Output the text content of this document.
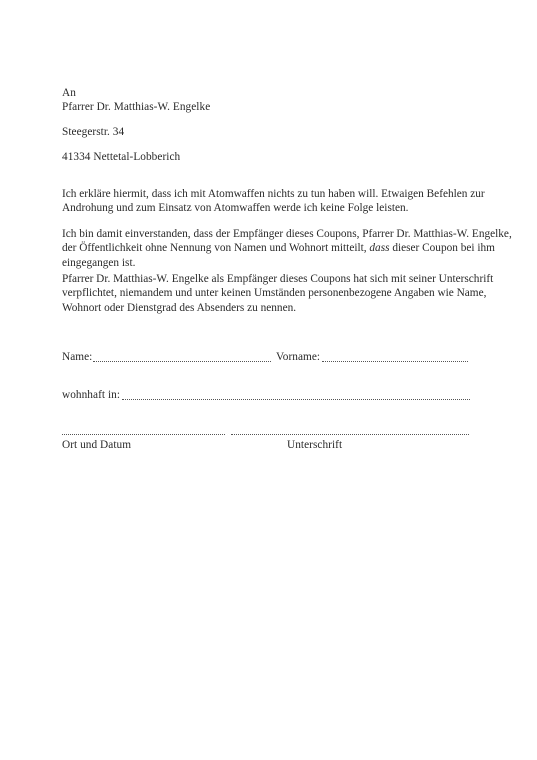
An
Pfarrer Dr. Matthias-W. Engelke
Steegerstr. 34
41334 Nettetal-Lobberich
Ich erkläre hiermit, dass ich mit Atomwaffen nichts zu tun haben will. Etwaigen Befehlen zur
Androhung und zum Einsatz von Atomwaffen werde ich keine Folge leisten.
Ich bin damit einverstanden, dass der Empfänger dieses Coupons, Pfarrer Dr. Matthias-W. Engelke,
der Öffentlichkeit ohne Nennung von Namen und Wohnort mitteilt, dass dieser Coupon bei ihm
eingegangen ist.
Pfarrer Dr. Matthias-W. Engelke als Empfänger dieses Coupons hat sich mit seiner Unterschrift
verpflichtet, niemandem und unter keinen Umständen personenbezogene Angaben wie Name,
Wohnort oder Dienstgrad des Absenders zu nennen.
Name:	Vorname:
wohnhaft in:
Ort und Datum	Unterschrift
